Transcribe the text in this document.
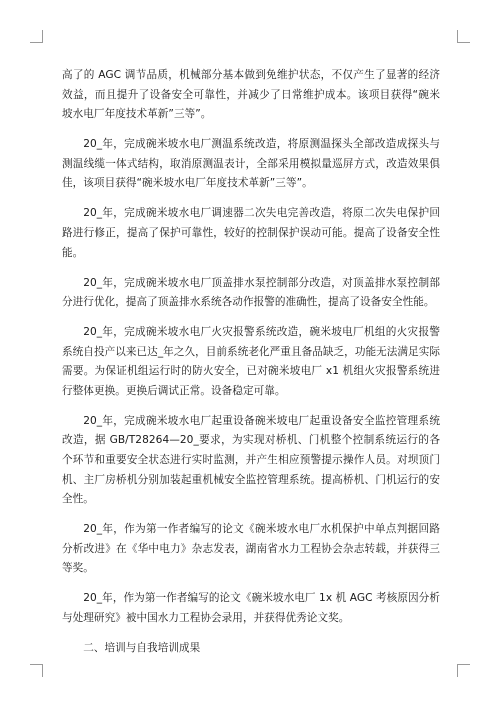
高了的 AGC 调节品质，机械部分基本做到免维护状态，不仅产生了显著的经济效益，而且提升了设备安全可靠性，并减少了日常维护成本。该项目获得“碗米坡水电厂年度技术革新”三等”。

20_年，完成碗米坡水电厂测温系统改造，将原测温探头全部改造成探头与测温线缆一体式结构，取消原测温表计，全部采用模拟量巡屏方式，改造效果俱佳，该项目获得“碗米坡水电厂年度技术革新”三等”。

20_年，完成碗米坡水电厂调速器二次失电完善改造，将原二次失电保护回路进行修正，提高了保护可靠性，较好的控制保护误动可能。提高了设备安全性能。

20_年，完成碗米坡水电厂顶盖排水泵控制部分改造，对顶盖排水泵控制部分进行优化，提高了顶盖排水系统各动作报警的准确性，提高了设备安全性能。

20_年，完成碗米坡水电厂火灾报警系统改造，碗米坡电厂机组的火灾报警系统自投产以来已达_年之久，目前系统老化严重且备品缺乏，功能无法满足实际需要。为保证机组运行时的防火安全，已对碗米坡电厂 x1 机组火灾报警系统进行整体更换。更换后调试正常。设备稳定可靠。

20_年，完成碗米坡水电厂起重设备碗米坡电厂起重设备安全监控管理系统改造，据 GB/T28264—20_要求，为实现对桥机、门机整个控制系统运行的各个环节和重要安全状态进行实时监测，并产生相应预警提示操作人员。对坝顶门机、主厂房桥机分别加装起重机械安全监控管理系统。提高桥机、门机运行的安全性。

20_年，作为第一作者编写的论文《碗米坡水电厂水机保护中单点判据回路分析改进》在《华中电力》杂志发表，湖南省水力工程协会杂志转载，并获得三等奖。

20_年，作为第一作者编写的论文《碗米坡水电厂 1x 机 AGC 考核原因分析与处理研究》被中国水力工程协会录用，并获得优秀论文奖。

二、培训与自我培训成果
